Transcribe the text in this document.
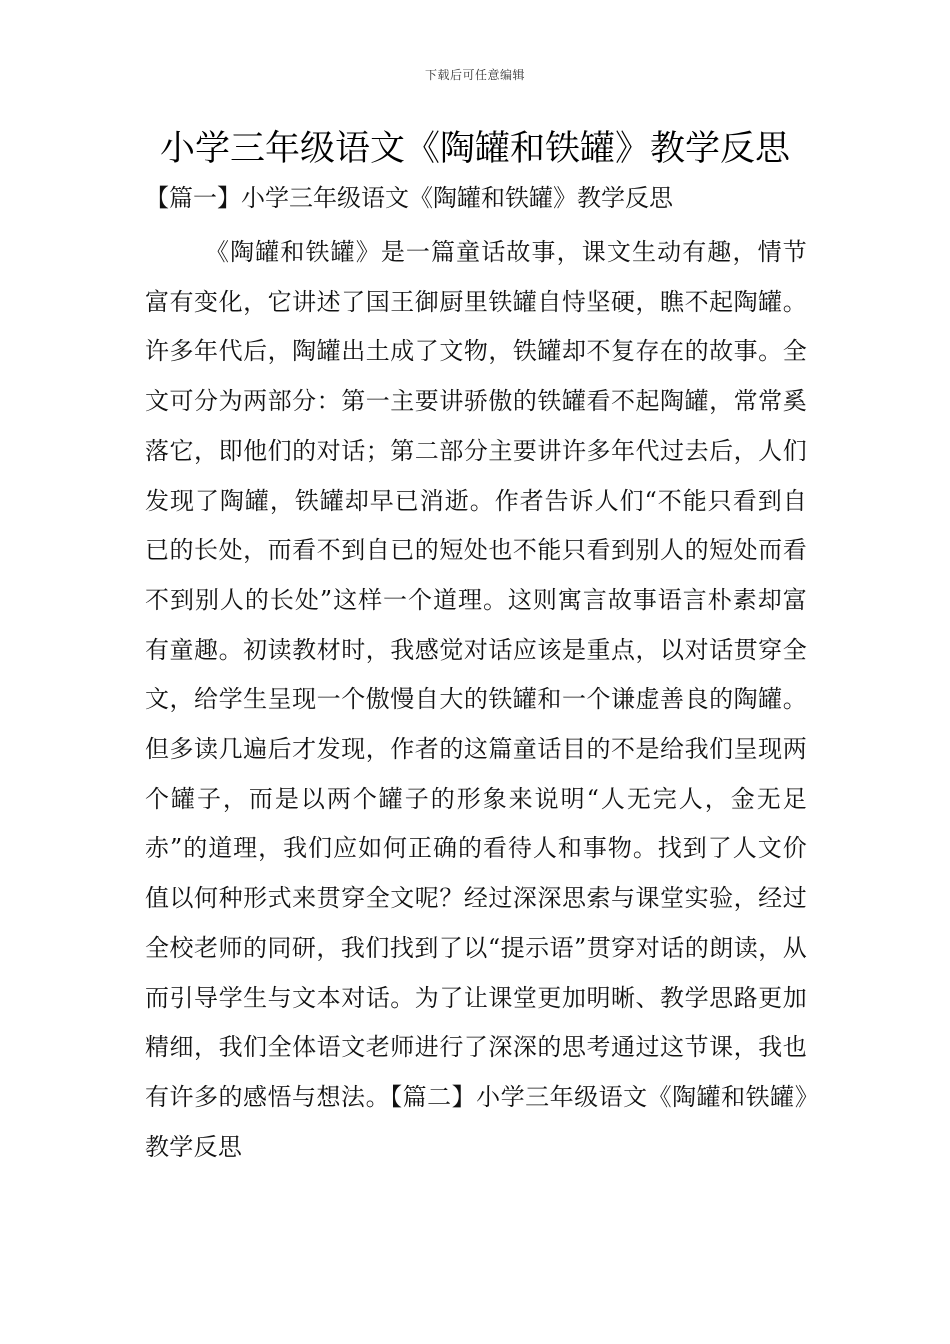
下载后可任意编辑
小学三年级语文《陶罐和铁罐》教学反思
【篇一】小学三年级语文《陶罐和铁罐》教学反思

《陶罐和铁罐》是一篇童话故事，课文生动有趣，情节富有变化，它讲述了国王御厨里铁罐自恃坚硬，瞧不起陶罐。许多年代后，陶罐出土成了文物，铁罐却不复存在的故事。全文可分为两部分：第一主要讲骄傲的铁罐看不起陶罐，常常奚落它，即他们的对话；第二部分主要讲许多年代过去后，人们发现了陶罐，铁罐却早已消逝。作者告诉人们“不能只看到自已的长处，而看不到自已的短处也不能只看到别人的短处而看不到别人的长处”这样一个道理。这则寓言故事语言朴素却富有童趣。初读教材时，我感觉对话应该是重点，以对话贯穿全文，给学生呈现一个傲慢自大的铁罐和一个谦虚善良的陶罐。但多读几遍后才发现，作者的这篇童话目的不是给我们呈现两个罐子，而是以两个罐子的形象来说明“人无完人，金无足赤”的道理，我们应如何正确的看待人和事物。找到了人文价值以何种形式来贯穿全文呢？经过深深思索与课堂实验，经过全校老师的同研，我们找到了以“提示语”贯穿对话的朗读，从而引导学生与文本对话。为了让课堂更加明晰、教学思路更加精细，我们全体语文老师进行了深深的思考通过这节课，我也有许多的感悟与想法。【篇二】小学三年级语文《陶罐和铁罐》教学反思
